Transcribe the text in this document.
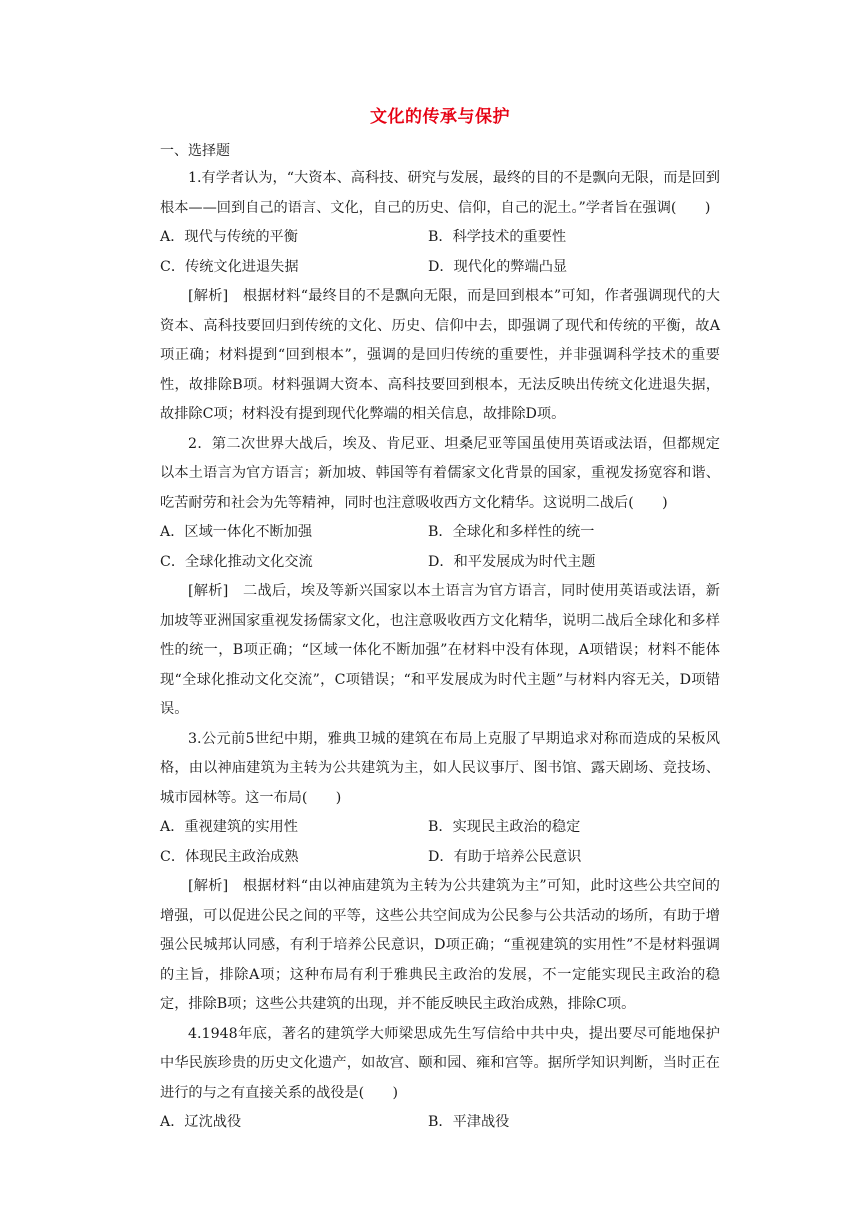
文化的传承与保护
一、选择题

1.有学者认为，“大资本、高科技、研究与发展，最终的目的不是飘向无限，而是回到根本——回到自己的语言、文化，自己的历史、信仰，自己的泥土。”学者旨在强调(　　)

A．现代与传统的平衡	B．科学技术的重要性
C．传统文化进退失据	D．现代化的弊端凸显

[解析]　根据材料“最终目的不是飘向无限，而是回到根本”可知，作者强调现代的大资本、高科技要回归到传统的文化、历史、信仰中去，即强调了现代和传统的平衡，故A项正确；材料提到“回到根本”，强调的是回归传统的重要性，并非强调科学技术的重要性，故排除B项。材料强调大资本、高科技要回到根本，无法反映出传统文化进退失据，故排除C项；材料没有提到现代化弊端的相关信息，故排除D项。

2．第二次世界大战后，埃及、肯尼亚、坦桑尼亚等国虽使用英语或法语，但都规定以本土语言为官方语言；新加坡、韩国等有着儒家文化背景的国家，重视发扬宽容和谐、吃苦耐劳和社会为先等精神，同时也注意吸收西方文化精华。这说明二战后(　　)

A．区域一体化不断加强	B．全球化和多样性的统一
C．全球化推动文化交流	D．和平发展成为时代主题

[解析]　二战后，埃及等新兴国家以本土语言为官方语言，同时使用英语或法语，新加坡等亚洲国家重视发扬儒家文化，也注意吸收西方文化精华，说明二战后全球化和多样性的统一，B项正确；“区域一体化不断加强”在材料中没有体现，A项错误；材料不能体现“全球化推动文化交流”，C项错误；“和平发展成为时代主题”与材料内容无关，D项错误。

3.公元前5世纪中期，雅典卫城的建筑在布局上克服了早期追求对称而造成的呆板风格，由以神庙建筑为主转为公共建筑为主，如人民议事厅、图书馆、露天剧场、竞技场、城市园林等。这一布局(　　)

A．重视建筑的实用性	B．实现民主政治的稳定
C．体现民主政治成熟	D．有助于培养公民意识

[解析]　根据材料“由以神庙建筑为主转为公共建筑为主”可知，此时这些公共空间的增强，可以促进公民之间的平等，这些公共空间成为公民参与公共活动的场所，有助于增强公民城邦认同感，有利于培养公民意识，D项正确；“重视建筑的实用性”不是材料强调的主旨，排除A项；这种布局有利于雅典民主政治的发展，不一定能实现民主政治的稳定，排除B项；这些公共建筑的出现，并不能反映民主政治成熟，排除C项。

4.1948年底，著名的建筑学大师梁思成先生写信给中共中央，提出要尽可能地保护中华民族珍贵的历史文化遗产，如故宫、颐和园、雍和宫等。据所学知识判断，当时正在进行的与之有直接关系的战役是(　　)

A．辽沈战役	B．平津战役
